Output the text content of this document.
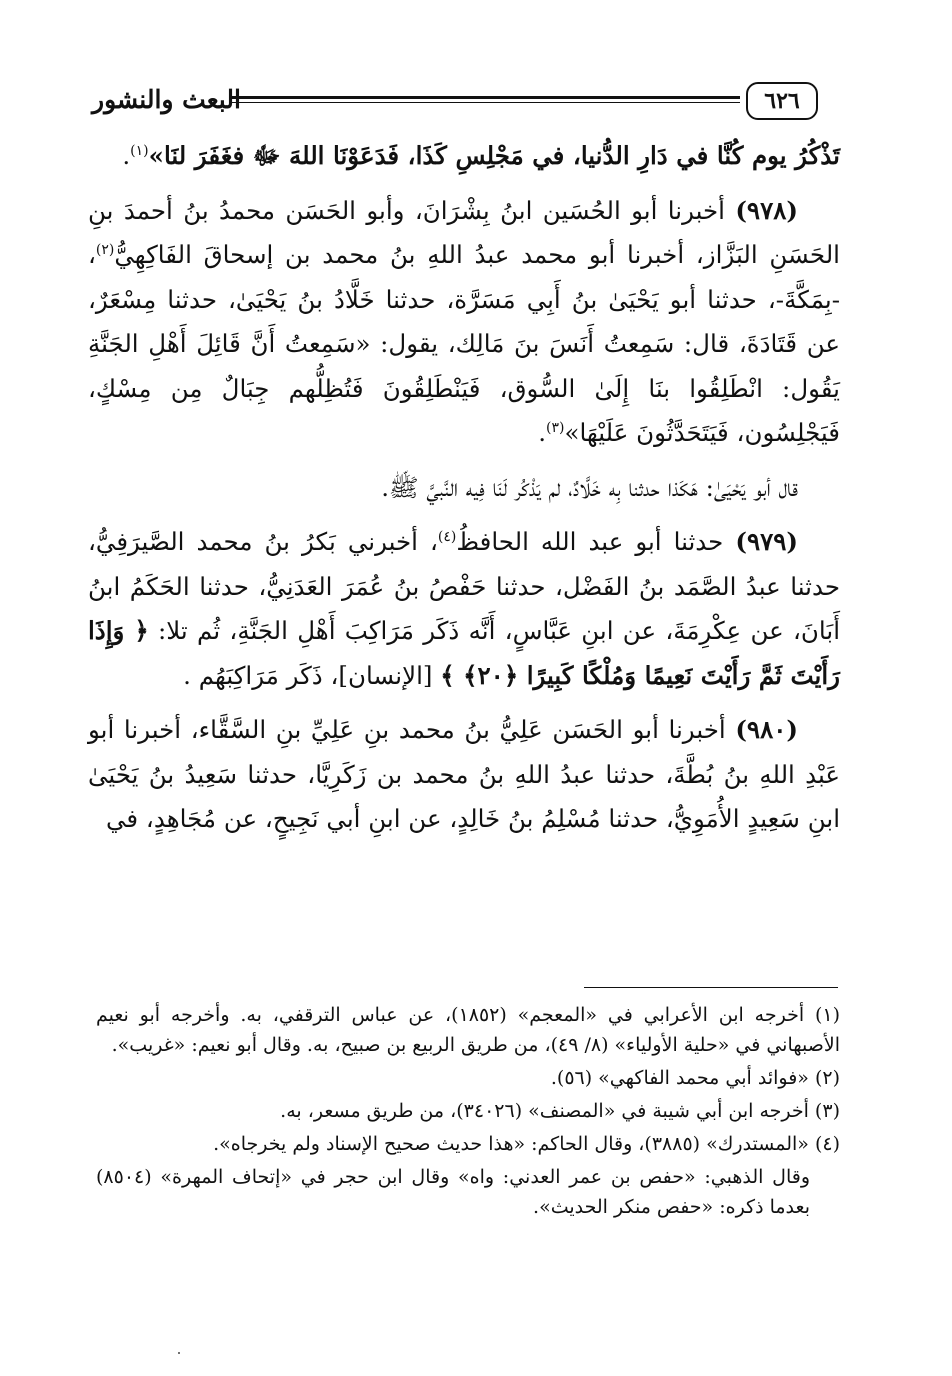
البعث والنشور	٦٢٦

تَذْكُرُ يوم كُنَّا في دَارِ الدُّنيا، في مَجْلِسِ كَذَا، فَدَعَوْنَا اللهَ ﷻ فغَفَرَ لنَا»$^{(١)}$.

(٩٧٨) أخبرنا أبو الحُسَين ابنُ بِشْرَانَ، وأبو الحَسَن محمدُ بنُ أحمدَ بنِ الحَسَنِ البَزَّاز، أخبرنا أبو محمد عبدُ اللهِ بنُ محمد بن إسحاقَ الفَاكِهِيُّ$^{(٢)}$، -بِمَكَّةَ-، حدثنا أبو يَحْيَىٰ بنُ أَبِي مَسَرَّة، حدثنا خَلَّادُ بنُ يَحْيَىٰ، حدثنا مِسْعَرٌ، عن قَتَادَةَ، قال: سَمِعتُ أَنَسَ بنَ مَالِك، يقول: «سَمِعتُ أَنَّ قَائِلَ أَهْلِ الجَنَّةِ يَقُول: انْطَلِقُوا بنَا إِلَىٰ السُّوق، فَيَنْطَلِقُونَ فَتُظِلُّهم جِبَالٌ مِن مِسْكٍ، فَيَجْلِسُون، فَيَتَحَدَّثُونَ عَلَيْهَا»$^{(٣)}$.

قال أبو يَحْيَىٰ: هَكَذا حدثنا بِه خَلَّادٌ، لم يَذْكُر لَنَا فِيه النَّبيَّ ﷺ.

(٩٧٩) حدثنا أبو عبد الله الحافظُ$^{(٤)}$، أخبرني بَكرُ بنُ محمد الصَّيرَفِيُّ، حدثنا عبدُ الصَّمَد بنُ الفَضْل، حدثنا حَفْصُ بنُ عُمَرَ العَدَنِيُّ، حدثنا الحَكَمُ ابنُ أَبَانَ، عن عِكْرِمَةَ، عن ابنِ عَبَّاسٍ، أَنَّه ذَكَر مَرَاكِبَ أَهْلِ الجَنَّةِ، ثُم تلا: ﴿ وَإِذَا رَأَيْتَ ثَمَّ رَأَيْتَ نَعِيمًا وَمُلْكًا كَبِيرًا ﴿٢٠﴾ ﴾ [الإنسان]، ذَكَر مَرَاكِبَهُم .

(٩٨٠) أخبرنا أبو الحَسَن عَلِيُّ بنُ محمد بنِ عَلِيِّ بنِ السَّقَّاء، أخبرنا أبو عَبْدِ اللهِ بنُ بُطَّةَ، حدثنا عبدُ اللهِ بنُ محمد بن زَكَرِيَّا، حدثنا سَعِيدُ بنُ يَحْيَىٰ ابنِ سَعِيدٍ الأُمَوِيُّ، حدثنا مُسْلِمُ بنُ خَالِدٍ، عن ابنِ أبي نَجِيحٍ، عن مُجَاهِدٍ، في

(١) أخرجه ابن الأعرابي في «المعجم» (١٨٥٢)، عن عباس الترقفي، به. وأخرجه أبو نعيم الأصبهاني في «حلية الأولياء» (٨/ ٤٩)، من طريق الربيع بن صبيح، به. وقال أبو نعيم: «غريب».

(٢) «فوائد أبي محمد الفاكهي» (٥٦).

(٣) أخرجه ابن أبي شيبة في «المصنف» (٣٤٠٢٦)، من طريق مسعر، به.

(٤) «المستدرك» (٣٨٨٥)، وقال الحاكم: «هذا حديث صحيح الإسناد ولم يخرجاه».

وقال الذهبي: «حفص بن عمر العدني: واه» وقال ابن حجر في «إتحاف المهرة» (٨٥٠٤) بعدما ذكره: «حفص منكر الحديث».
